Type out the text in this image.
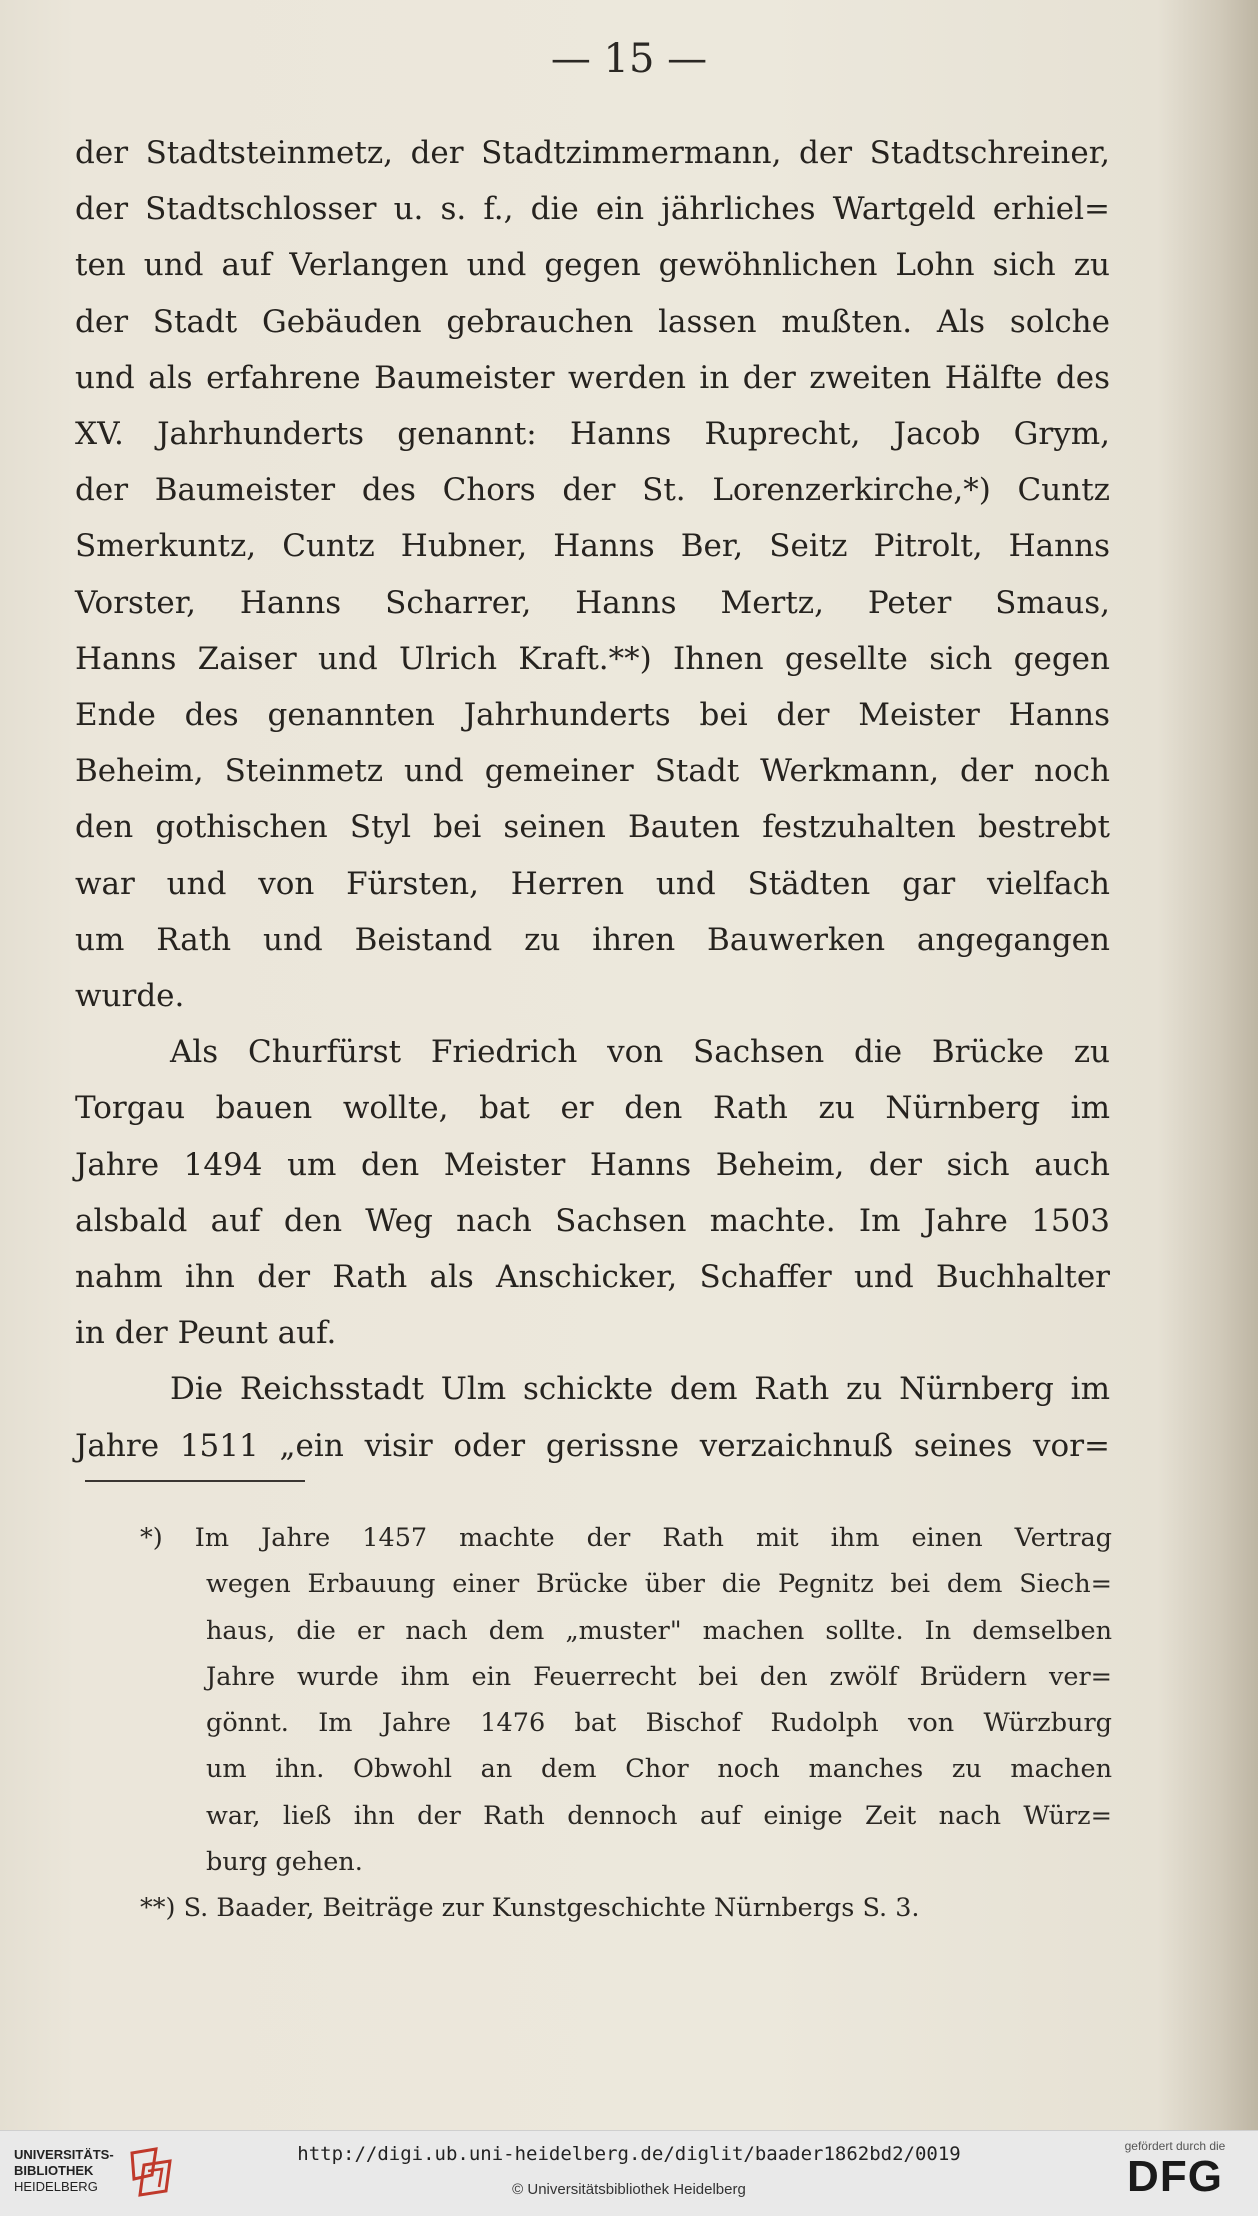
— 15 —

der Stadtsteinmetz, der Stadtzimmermann, der Stadtschreiner,
der Stadtschlosser u. s. f., die ein jährliches Wartgeld erhiel=
ten und auf Verlangen und gegen gewöhnlichen Lohn sich zu
der Stadt Gebäuden gebrauchen lassen mußten. Als solche
und als erfahrene Baumeister werden in der zweiten Hälfte des
XV. Jahrhunderts genannt: Hanns Ruprecht, Jacob Grym,
der Baumeister des Chors der St. Lorenzerkirche,*) Cuntz
Smerkuntz, Cuntz Hubner, Hanns Ber, Seitz Pitrolt, Hanns
Vorster, Hanns Scharrer, Hanns Mertz, Peter Smaus,
Hanns Zaiser und Ulrich Kraft.**) Ihnen gesellte sich gegen
Ende des genannten Jahrhunderts bei der Meister Hanns
Beheim, Steinmetz und gemeiner Stadt Werkmann, der noch
den gothischen Styl bei seinen Bauten festzuhalten bestrebt
war und von Fürsten, Herren und Städten gar vielfach
um Rath und Beistand zu ihren Bauwerken angegangen
wurde.
Als Churfürst Friedrich von Sachsen die Brücke zu
Torgau bauen wollte, bat er den Rath zu Nürnberg im
Jahre 1494 um den Meister Hanns Beheim, der sich auch
alsbald auf den Weg nach Sachsen machte. Im Jahre 1503
nahm ihn der Rath als Anschicker, Schaffer und Buchhalter
in der Peunt auf.
Die Reichsstadt Ulm schickte dem Rath zu Nürnberg im
Jahre 1511 „ein visir oder gerissne verzaichnuß seines vor=

*) Im Jahre 1457 machte der Rath mit ihm einen Vertrag
wegen Erbauung einer Brücke über die Pegnitz bei dem Siech=
haus, die er nach dem „muster" machen sollte. In demselben
Jahre wurde ihm ein Feuerrecht bei den zwölf Brüdern ver=
gönnt. Im Jahre 1476 bat Bischof Rudolph von Würzburg
um ihn. Obwohl an dem Chor noch manches zu machen
war, ließ ihn der Rath dennoch auf einige Zeit nach Würz=
burg gehen.
**) S. Baader, Beiträge zur Kunstgeschichte Nürnbergs S. 3.

UNIVERSITÄTS-
BIBLIOTHEK
HEIDELBERG
http://digi.ub.uni-heidelberg.de/diglit/baader1862bd2/0019
© Universitätsbibliothek Heidelberg
gefördert durch die
DFG
